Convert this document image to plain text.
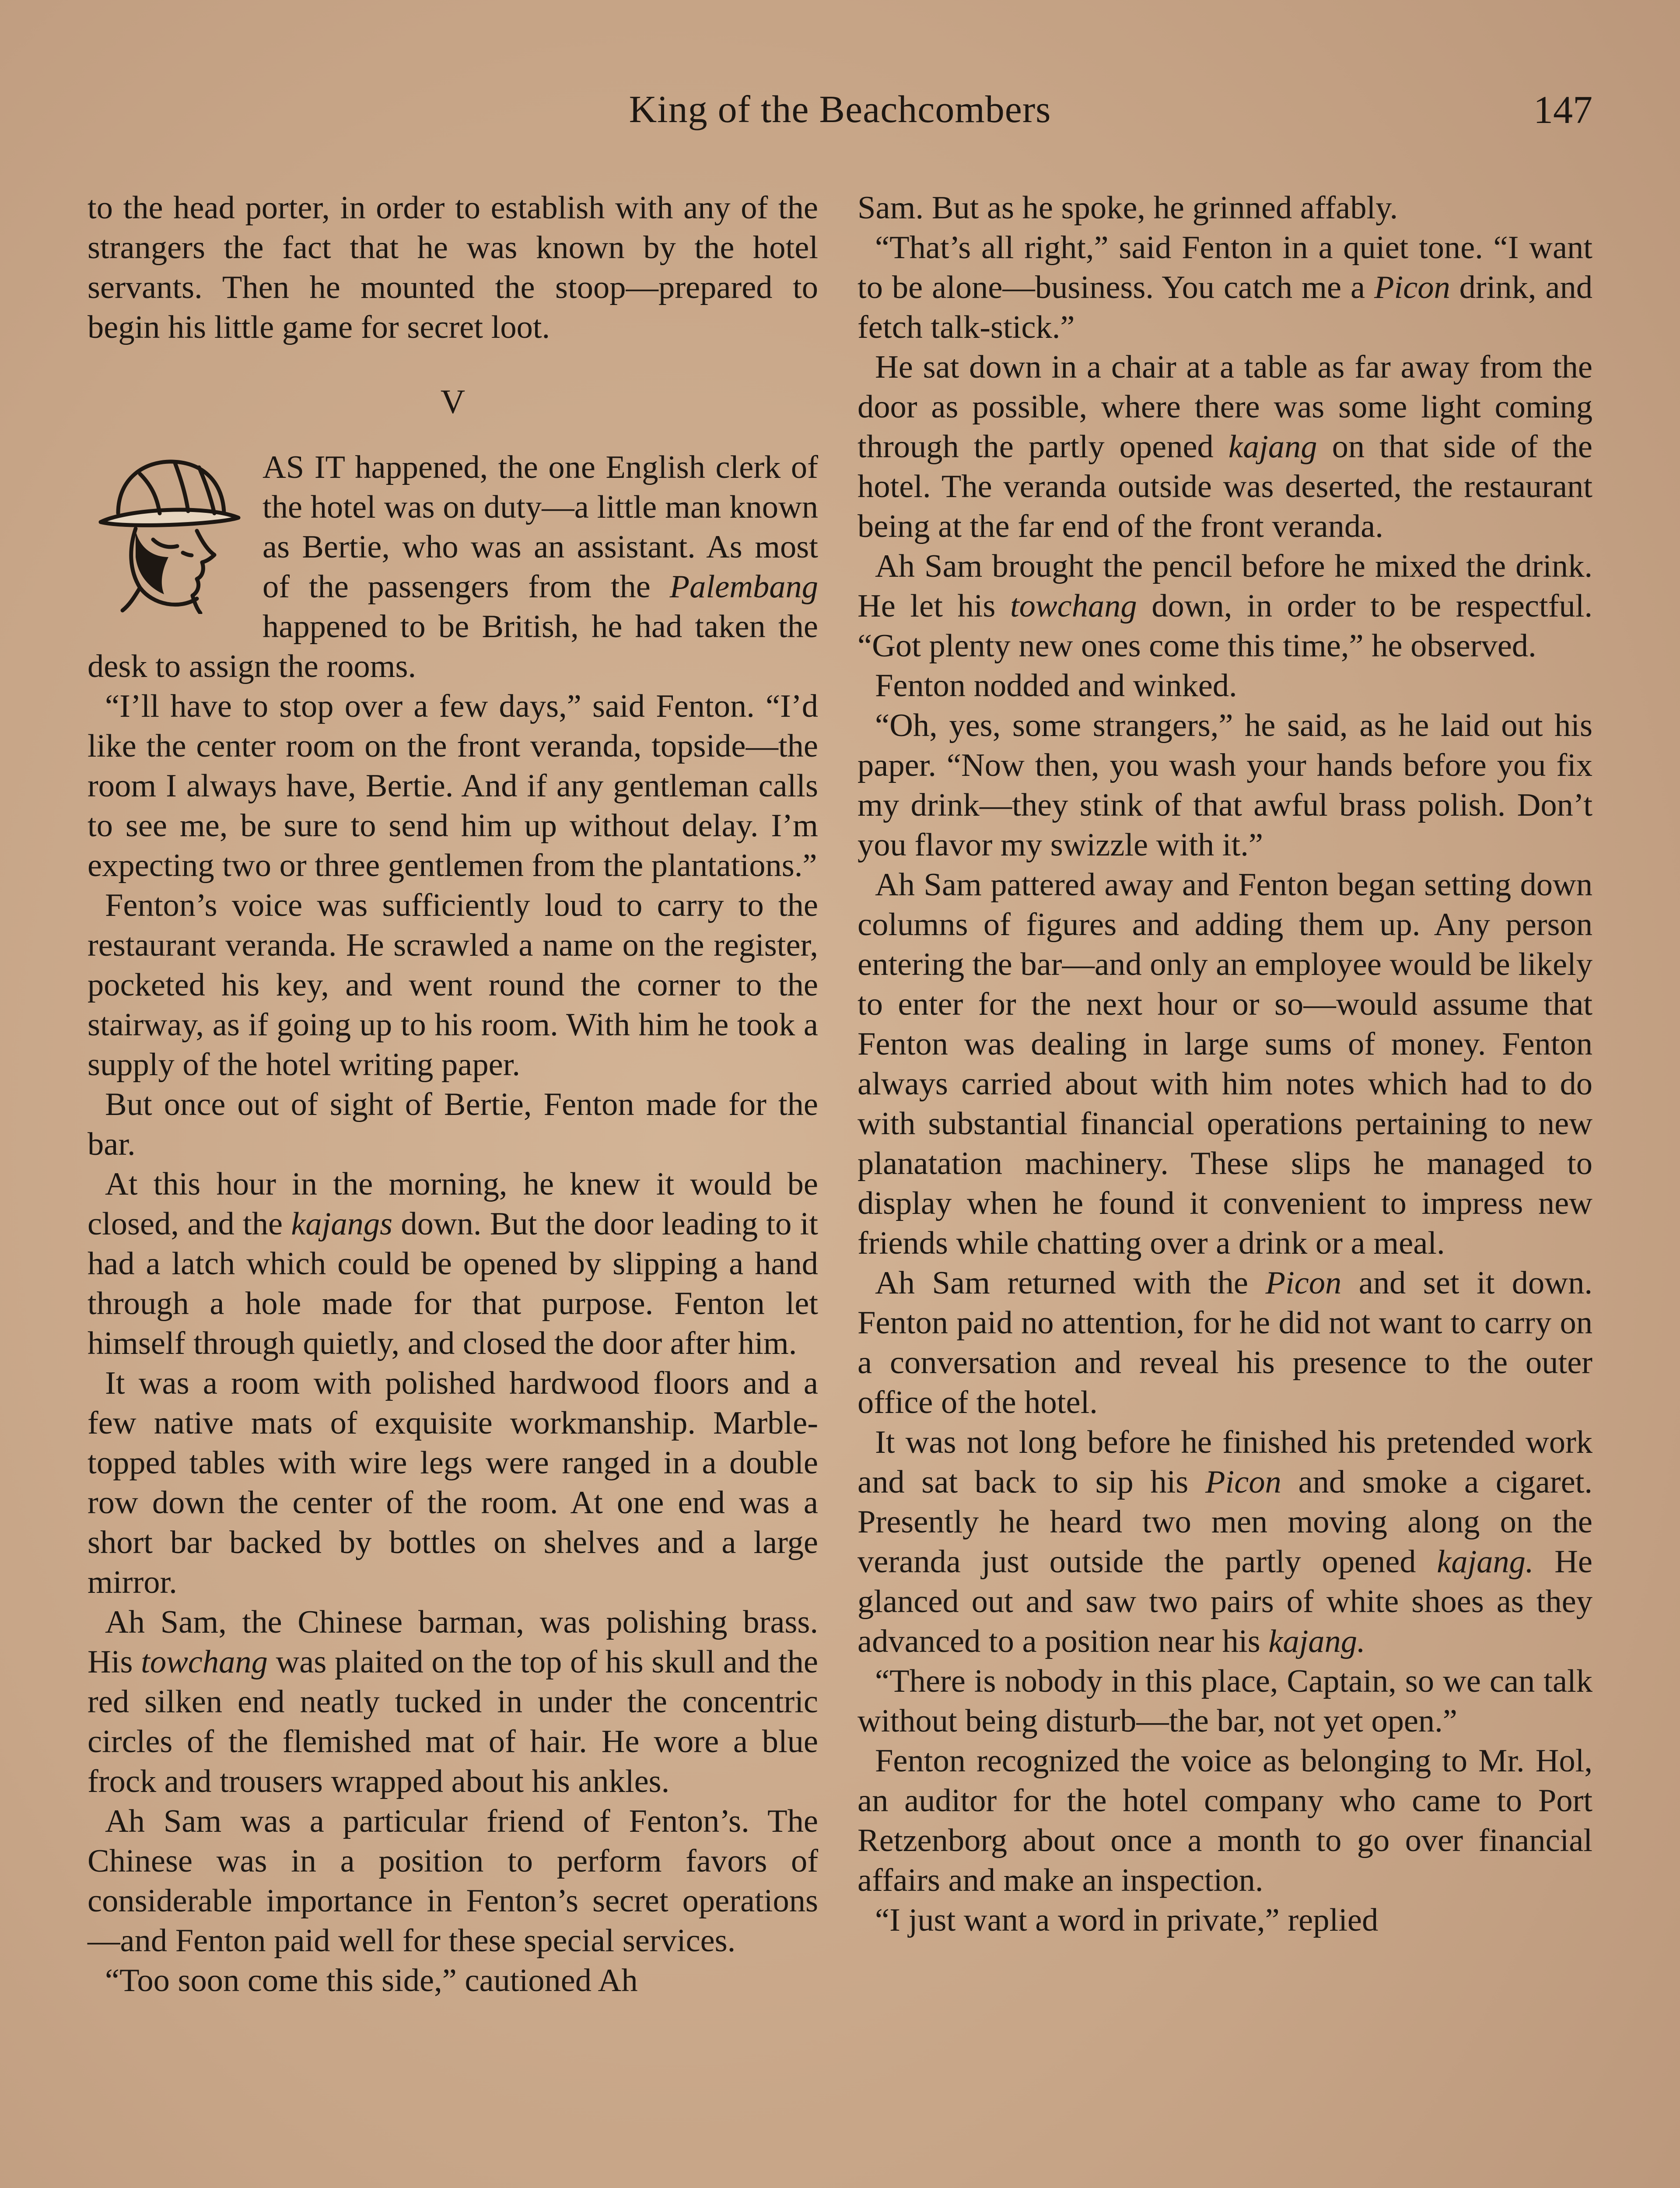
King of the Beachcombers	147

to the head porter, in order to establish with any of the strangers the fact that he was known by the hotel servants. Then he mounted the stoop—prepared to begin his little game for secret loot.

V

AS IT happened, the one English clerk of the hotel was on duty—a little man known as Bertie, who was an assistant. As most of the passengers from the Palembang happened to be British, he had taken the desk to assign the rooms.

“I’ll have to stop over a few days,” said Fenton. “I’d like the center room on the front veranda, topside—the room I always have, Bertie. And if any gentleman calls to see me, be sure to send him up without delay. I’m expecting two or three gentlemen from the plantations.”

Fenton’s voice was sufficiently loud to carry to the restaurant veranda. He scrawled a name on the register, pocketed his key, and went round the corner to the stairway, as if going up to his room. With him he took a supply of the hotel writing paper.

But once out of sight of Bertie, Fenton made for the bar.

At this hour in the morning, he knew it would be closed, and the kajangs down. But the door leading to it had a latch which could be opened by slipping a hand through a hole made for that purpose. Fenton let himself through quietly, and closed the door after him.

It was a room with polished hardwood floors and a few native mats of exquisite workmanship. Marble-topped tables with wire legs were ranged in a double row down the center of the room. At one end was a short bar backed by bottles on shelves and a large mirror.

Ah Sam, the Chinese barman, was polishing brass. His towchang was plaited on the top of his skull and the red silken end neatly tucked in under the concentric circles of the flemished mat of hair. He wore a blue frock and trousers wrapped about his ankles.

Ah Sam was a particular friend of Fenton’s. The Chinese was in a position to perform favors of considerable importance in Fenton’s secret operations—and Fenton paid well for these special services.

“Too soon come this side,” cautioned Ah

Sam. But as he spoke, he grinned affably.

“That’s all right,” said Fenton in a quiet tone. “I want to be alone—business. You catch me a Picon drink, and fetch talk-stick.”

He sat down in a chair at a table as far away from the door as possible, where there was some light coming through the partly opened kajang on that side of the hotel. The veranda outside was deserted, the restaurant being at the far end of the front veranda.

Ah Sam brought the pencil before he mixed the drink. He let his towchang down, in order to be respectful. “Got plenty new ones come this time,” he observed.

Fenton nodded and winked.

“Oh, yes, some strangers,” he said, as he laid out his paper. “Now then, you wash your hands before you fix my drink—they stink of that awful brass polish. Don’t you flavor my swizzle with it.”

Ah Sam pattered away and Fenton began setting down columns of figures and adding them up. Any person entering the bar—and only an employee would be likely to enter for the next hour or so—would assume that Fenton was dealing in large sums of money. Fenton always carried about with him notes which had to do with substantial financial operations pertaining to new planatation machinery. These slips he managed to display when he found it convenient to impress new friends while chatting over a drink or a meal.

Ah Sam returned with the Picon and set it down. Fenton paid no attention, for he did not want to carry on a conversation and reveal his presence to the outer office of the hotel.

It was not long before he finished his pretended work and sat back to sip his Picon and smoke a cigaret. Presently he heard two men moving along on the veranda just outside the partly opened kajang. He glanced out and saw two pairs of white shoes as they advanced to a position near his kajang.

“There is nobody in this place, Captain, so we can talk without being disturb—the bar, not yet open.”

Fenton recognized the voice as belonging to Mr. Hol, an auditor for the hotel company who came to Port Retzenborg about once a month to go over financial affairs and make an inspection.

“I just want a word in private,” replied
